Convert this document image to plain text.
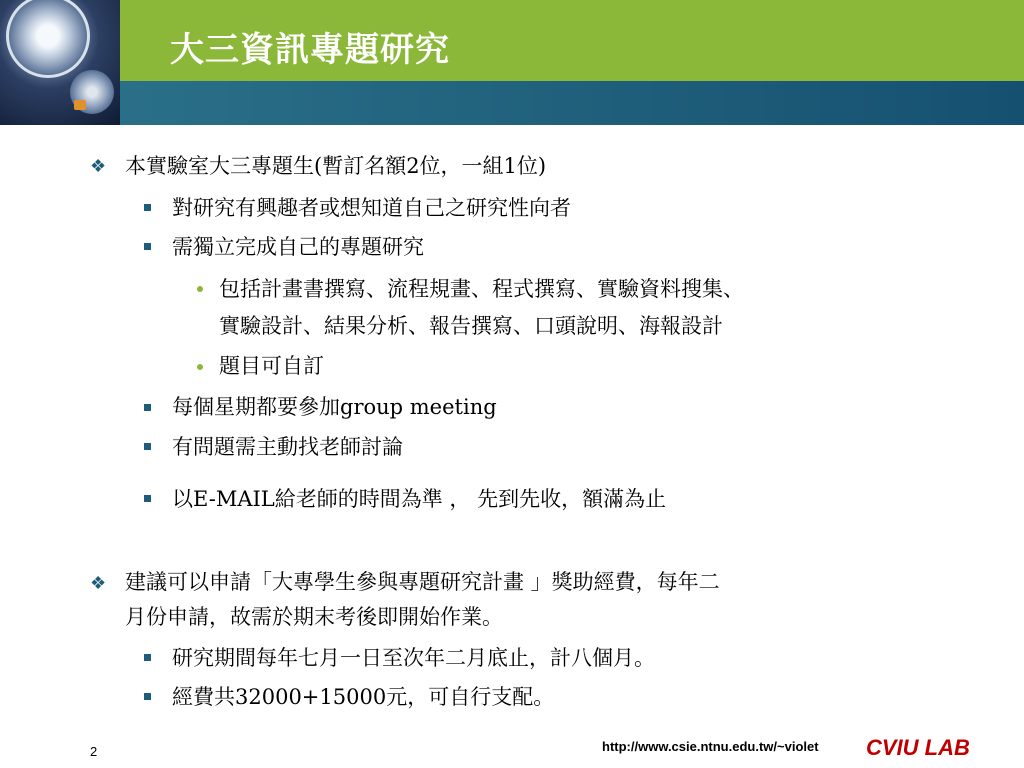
大三資訊專題研究
❖ 本實驗室大三專題生(暫訂名額2位，一組1位)
對研究有興趣者或想知道自己之研究性向者
需獨立完成自己的專題研究
包括計畫書撰寫、流程規畫、程式撰寫、實驗資料搜集、
實驗設計、結果分析、報告撰寫、口頭說明、海報設計
題目可自訂
每個星期都要參加group meeting
有問題需主動找老師討論
以E-MAIL給老師的時間為準 ， 先到先收，額滿為止
❖ 建議可以申請「大專學生參與專題研究計畫 」獎助經費，每年二
月份申請，故需於期末考後即開始作業。
研究期間每年七月一日至次年二月底止，計八個月。
經費共32000+15000元，可自行支配。
2	http://www.csie.ntnu.edu.tw/~violet CVIU LAB
